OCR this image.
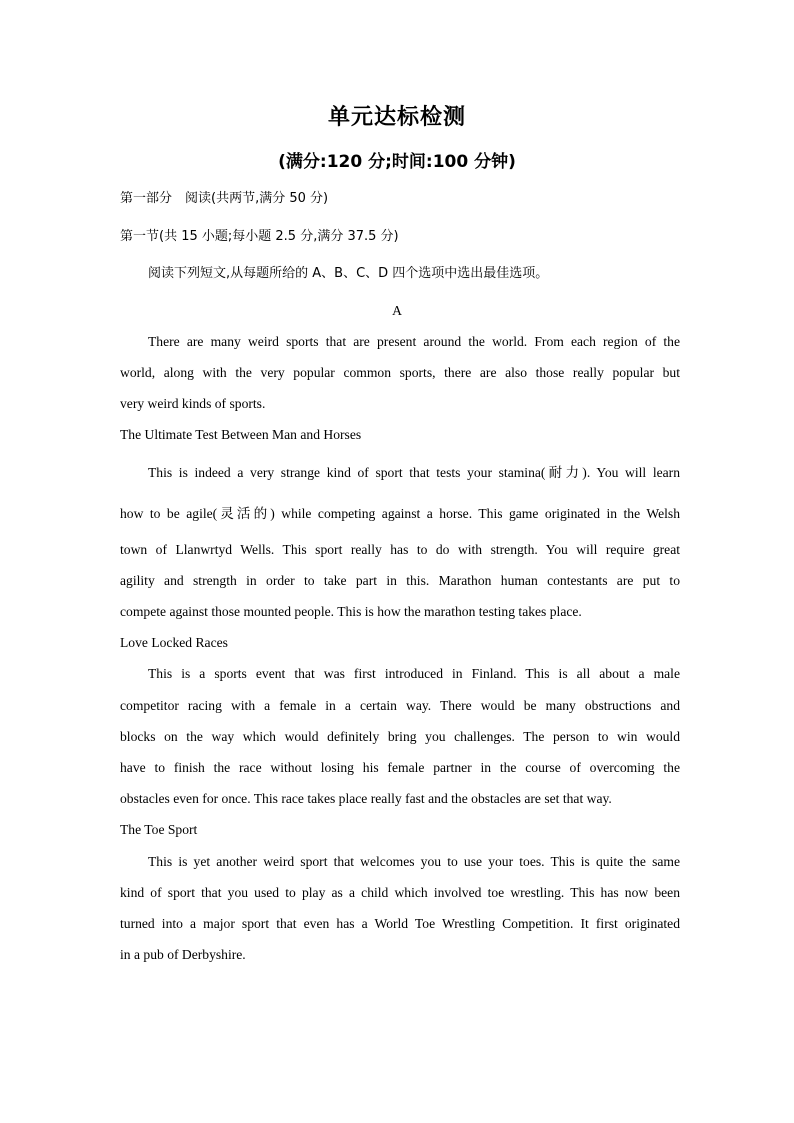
单元达标检测
(满分:120 分;时间:100 分钟)
第一部分　阅读(共两节,满分 50 分)
第一节(共 15 小题;每小题 2.5 分,满分 37.5 分)
阅读下列短文,从每题所给的 A、B、C、D 四个选项中选出最佳选项。
A
There are many weird sports that are present around the world. From each region of the
world, along with the very popular common sports, there are also those really popular but
very weird kinds of sports.
The Ultimate Test Between Man and Horses
This is indeed a very strange kind of sport that tests your stamina(耐力). You will learn
how to be agile(灵活的) while competing against a horse. This game originated in the Welsh
town of Llanwrtyd Wells. This sport really has to do with strength. You will require great
agility and strength in order to take part in this. Marathon human contestants are put to
compete against those mounted people. This is how the marathon testing takes place.
Love Locked Races
This is a sports event that was first introduced in Finland. This is all about a male
competitor racing with a female in a certain way. There would be many obstructions and
blocks on the way which would definitely bring you challenges. The person to win would
have to finish the race without losing his female partner in the course of overcoming the
obstacles even for once. This race takes place really fast and the obstacles are set that way.
The Toe Sport
This is yet another weird sport that welcomes you to use your toes. This is quite the same
kind of sport that you used to play as a child which involved toe wrestling. This has now been
turned into a major sport that even has a World Toe Wrestling Competition. It first originated
in a pub of Derbyshire.
